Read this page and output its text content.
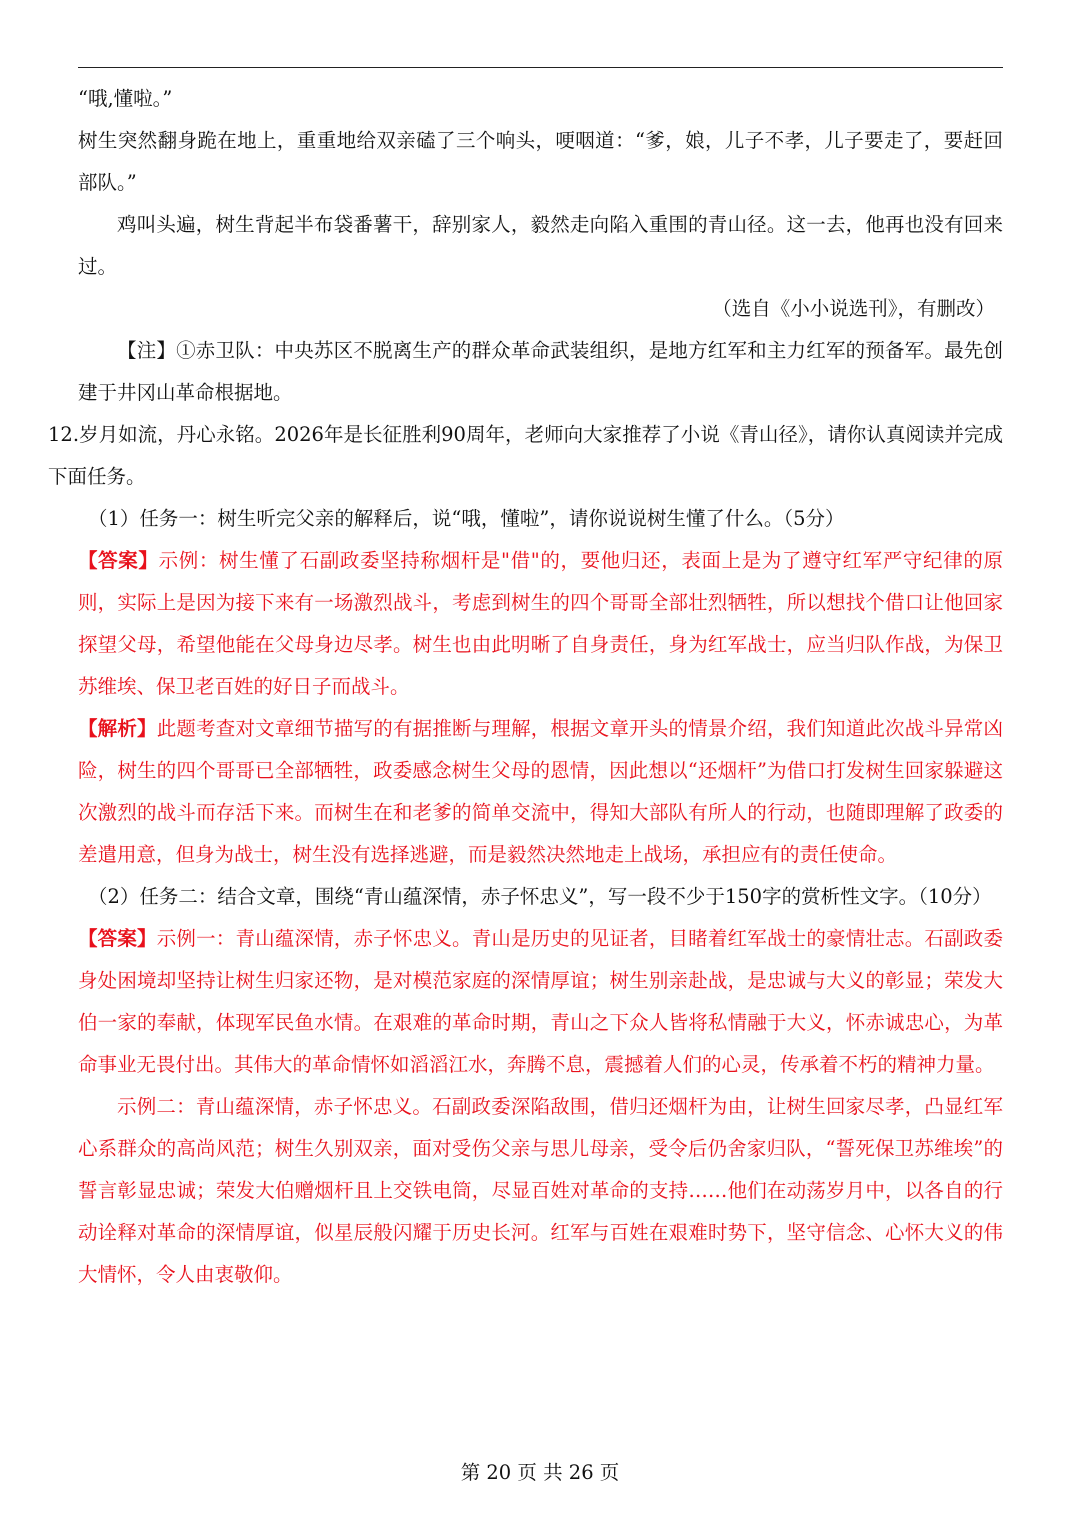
“哦,懂啦。”

树生突然翻身跪在地上，重重地给双亲磕了三个响头，哽咽道：“爹，娘，儿子不孝，儿子要走了，要赶回部队。”

鸡叫头遍，树生背起半布袋番薯干，辞别家人，毅然走向陷入重围的青山径。这一去，他再也没有回来过。

（选自《小小说选刊》，有删改）

【注】①赤卫队：中央苏区不脱离生产的群众革命武装组织，是地方红军和主力红军的预备军。最先创建于井冈山革命根据地。

12.岁月如流，丹心永铭。2026年是长征胜利90周年，老师向大家推荐了小说《青山径》，请你认真阅读并完成下面任务。

（1）任务一：树生听完父亲的解释后，说“哦，懂啦”，请你说说树生懂了什么。（5分）

【答案】示例：树生懂了石副政委坚持称烟杆是"借"的，要他归还，表面上是为了遵守红军严守纪律的原则，实际上是因为接下来有一场激烈战斗，考虑到树生的四个哥哥全部壮烈牺牲，所以想找个借口让他回家探望父母，希望他能在父母身边尽孝。树生也由此明晰了自身责任，身为红军战士，应当归队作战，为保卫苏维埃、保卫老百姓的好日子而战斗。

【解析】此题考查对文章细节描写的有据推断与理解，根据文章开头的情景介绍，我们知道此次战斗异常凶险，树生的四个哥哥已全部牺牲，政委感念树生父母的恩情，因此想以“还烟杆”为借口打发树生回家躲避这次激烈的战斗而存活下来。而树生在和老爹的简单交流中，得知大部队有所人的行动，也随即理解了政委的差遣用意，但身为战士，树生没有选择逃避，而是毅然决然地走上战场，承担应有的责任使命。

（2）任务二：结合文章，围绕“青山蕴深情，赤子怀忠义”，写一段不少于150字的赏析性文字。（10分）

【答案】示例一：青山蕴深情，赤子怀忠义。青山是历史的见证者，目睹着红军战士的豪情壮志。石副政委身处困境却坚持让树生归家还物，是对模范家庭的深情厚谊；树生别亲赴战，是忠诚与大义的彰显；荣发大伯一家的奉献，体现军民鱼水情。在艰难的革命时期，青山之下众人皆将私情融于大义，怀赤诚忠心，为革命事业无畏付出。其伟大的革命情怀如滔滔江水，奔腾不息，震撼着人们的心灵，传承着不朽的精神力量。

示例二：青山蕴深情，赤子怀忠义。石副政委深陷敌围，借归还烟杆为由，让树生回家尽孝，凸显红军心系群众的高尚风范；树生久别双亲，面对受伤父亲与思儿母亲，受令后仍舍家归队，“誓死保卫苏维埃”的誓言彰显忠诚；荣发大伯赠烟杆且上交铁电筒，尽显百姓对革命的支持……他们在动荡岁月中，以各自的行动诠释对革命的深情厚谊，似星辰般闪耀于历史长河。红军与百姓在艰难时势下，坚守信念、心怀大义的伟大情怀，令人由衷敬仰。

第 20 页 共 26 页
